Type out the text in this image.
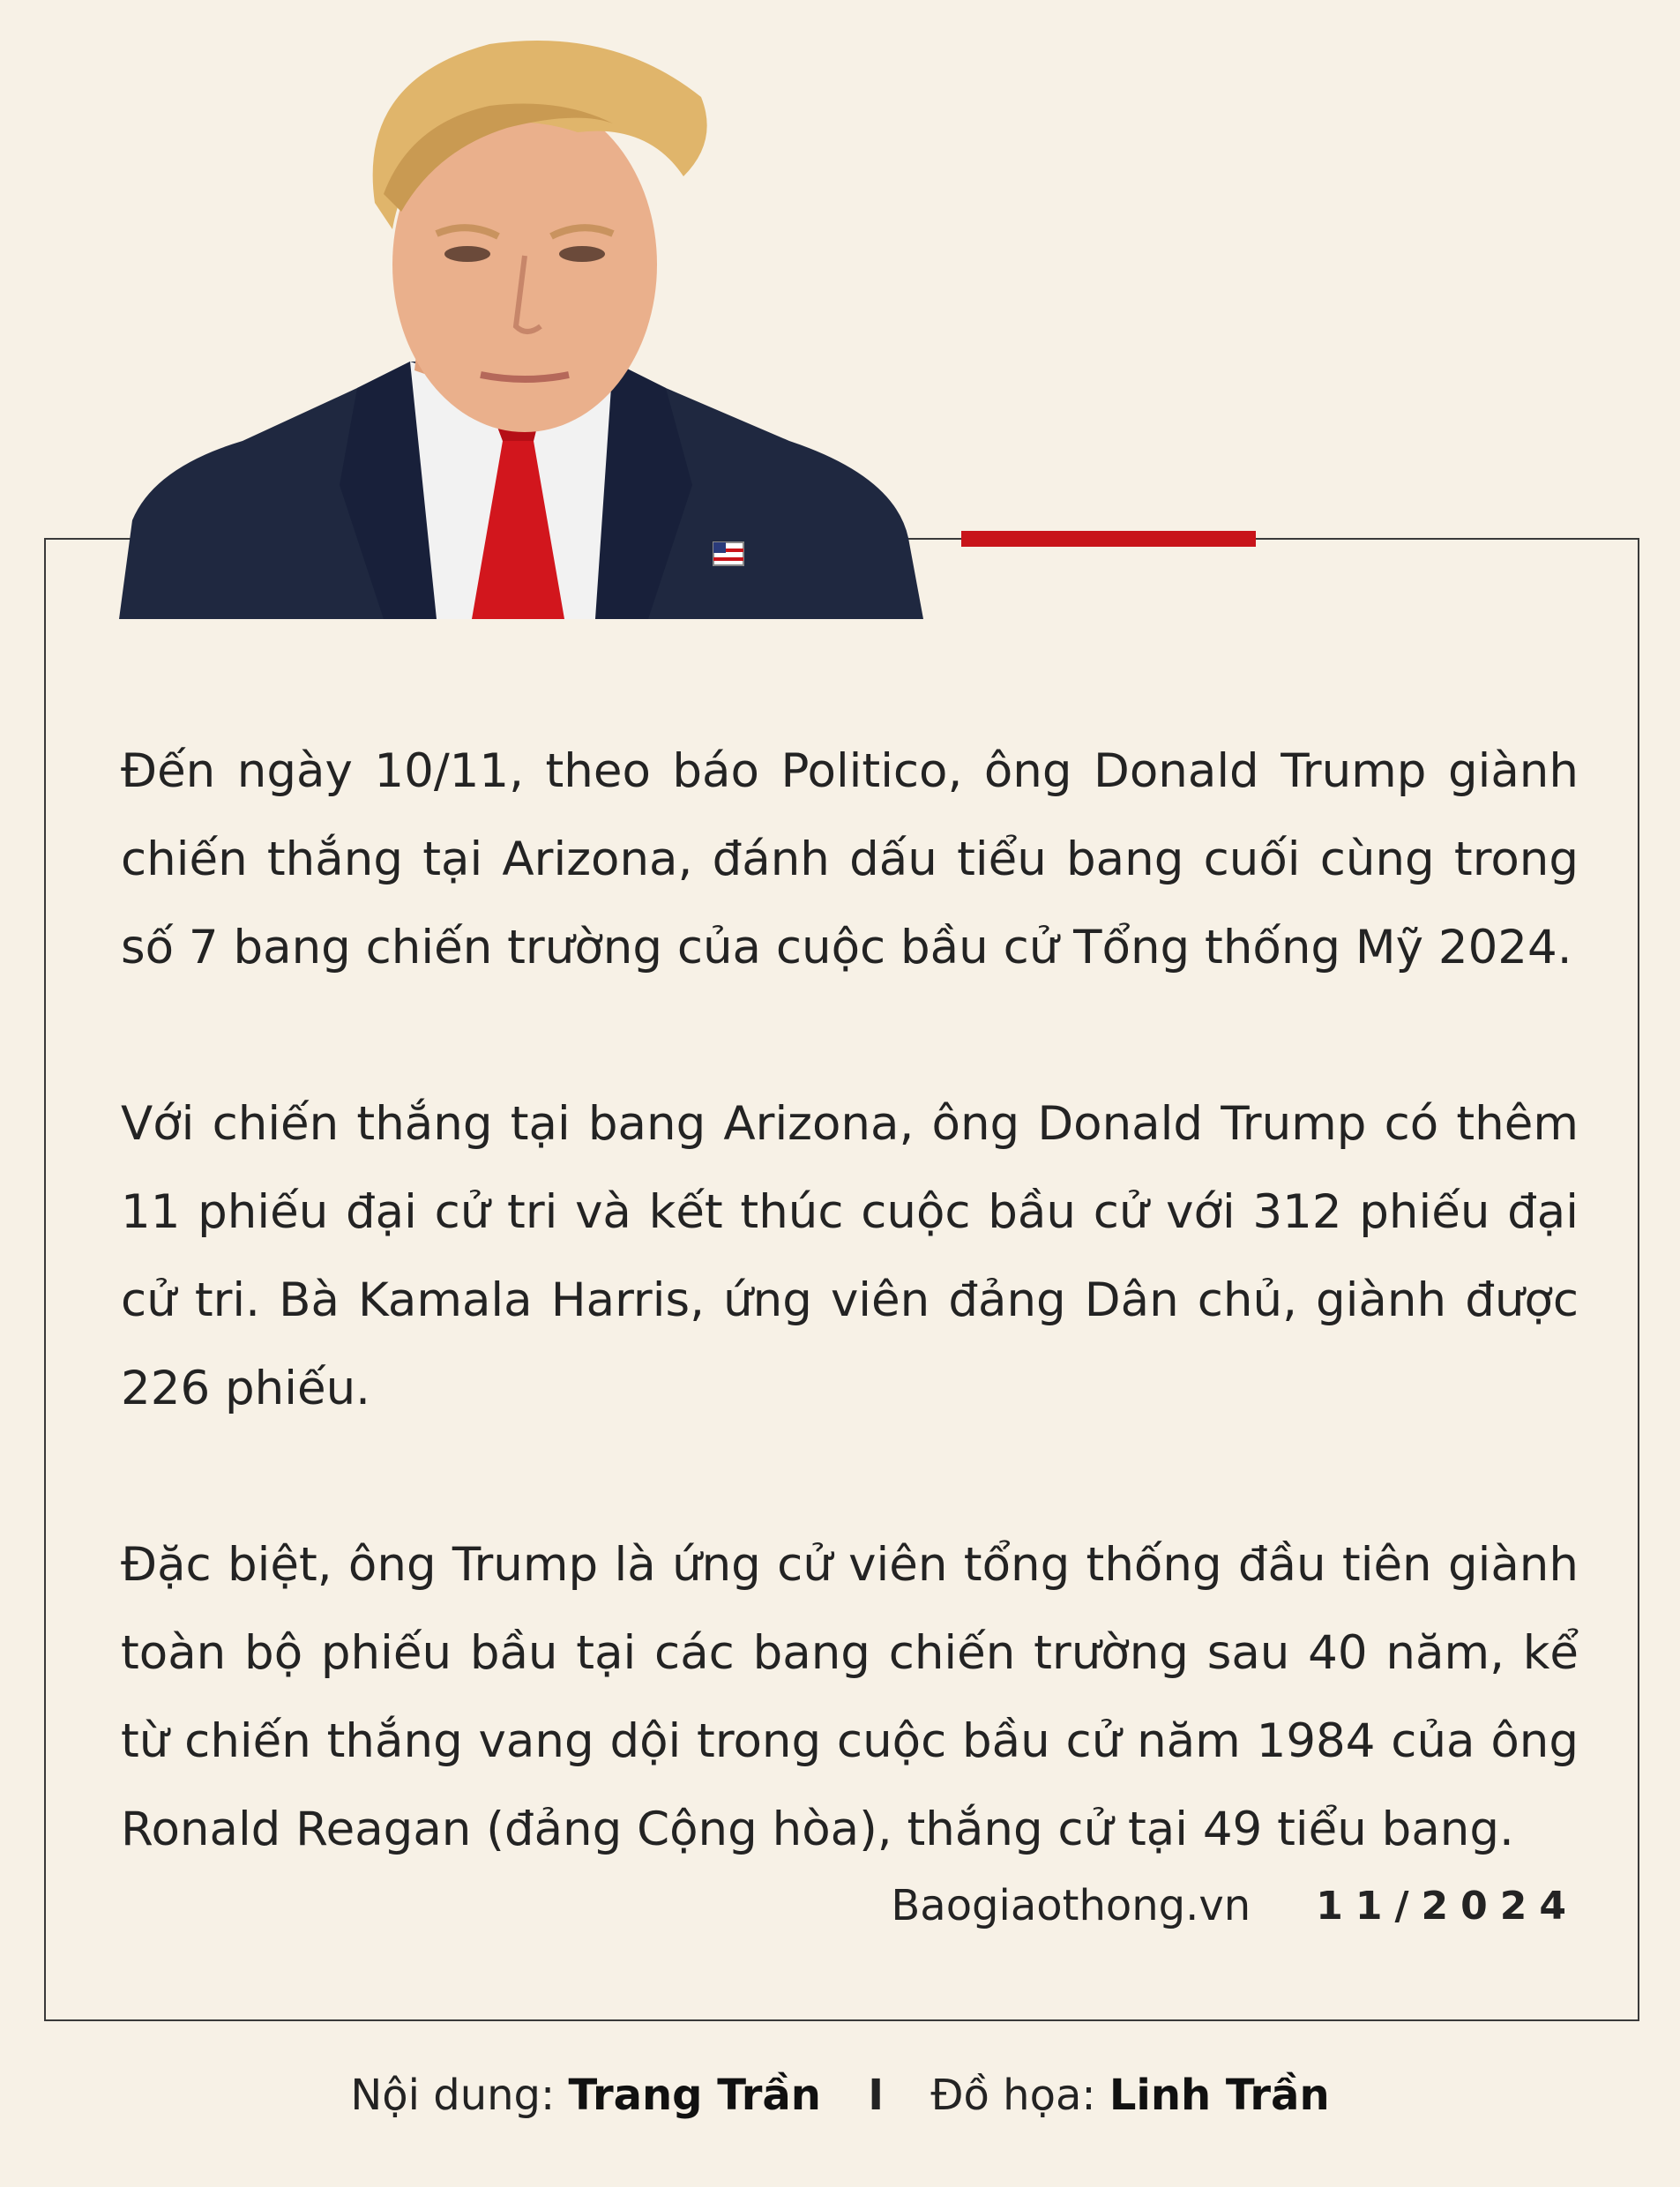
Đến ngày 10/11, theo báo Politico, ông Donald Trump giành chiến thắng tại Arizona, đánh dấu tiểu bang cuối cùng trong số 7 bang chiến trường của cuộc bầu cử Tổng thống Mỹ 2024.

Với chiến thắng tại bang Arizona, ông Donald Trump có thêm 11 phiếu đại cử tri và kết thúc cuộc bầu cử với 312 phiếu đại cử tri. Bà Kamala Harris, ứng viên đảng Dân chủ, giành được 226 phiếu.

Đặc biệt, ông Trump là ứng cử viên tổng thống đầu tiên giành toàn bộ phiếu bầu tại các bang chiến trường sau 40 năm, kể từ chiến thắng vang dội trong cuộc bầu cử năm 1984 của ông Ronald Reagan (đảng Cộng hòa), thắng cử tại 49 tiểu bang.

Baogiaothong.vn 11/2024
Nội dung: Trang Trần I Đồ họa: Linh Trần
